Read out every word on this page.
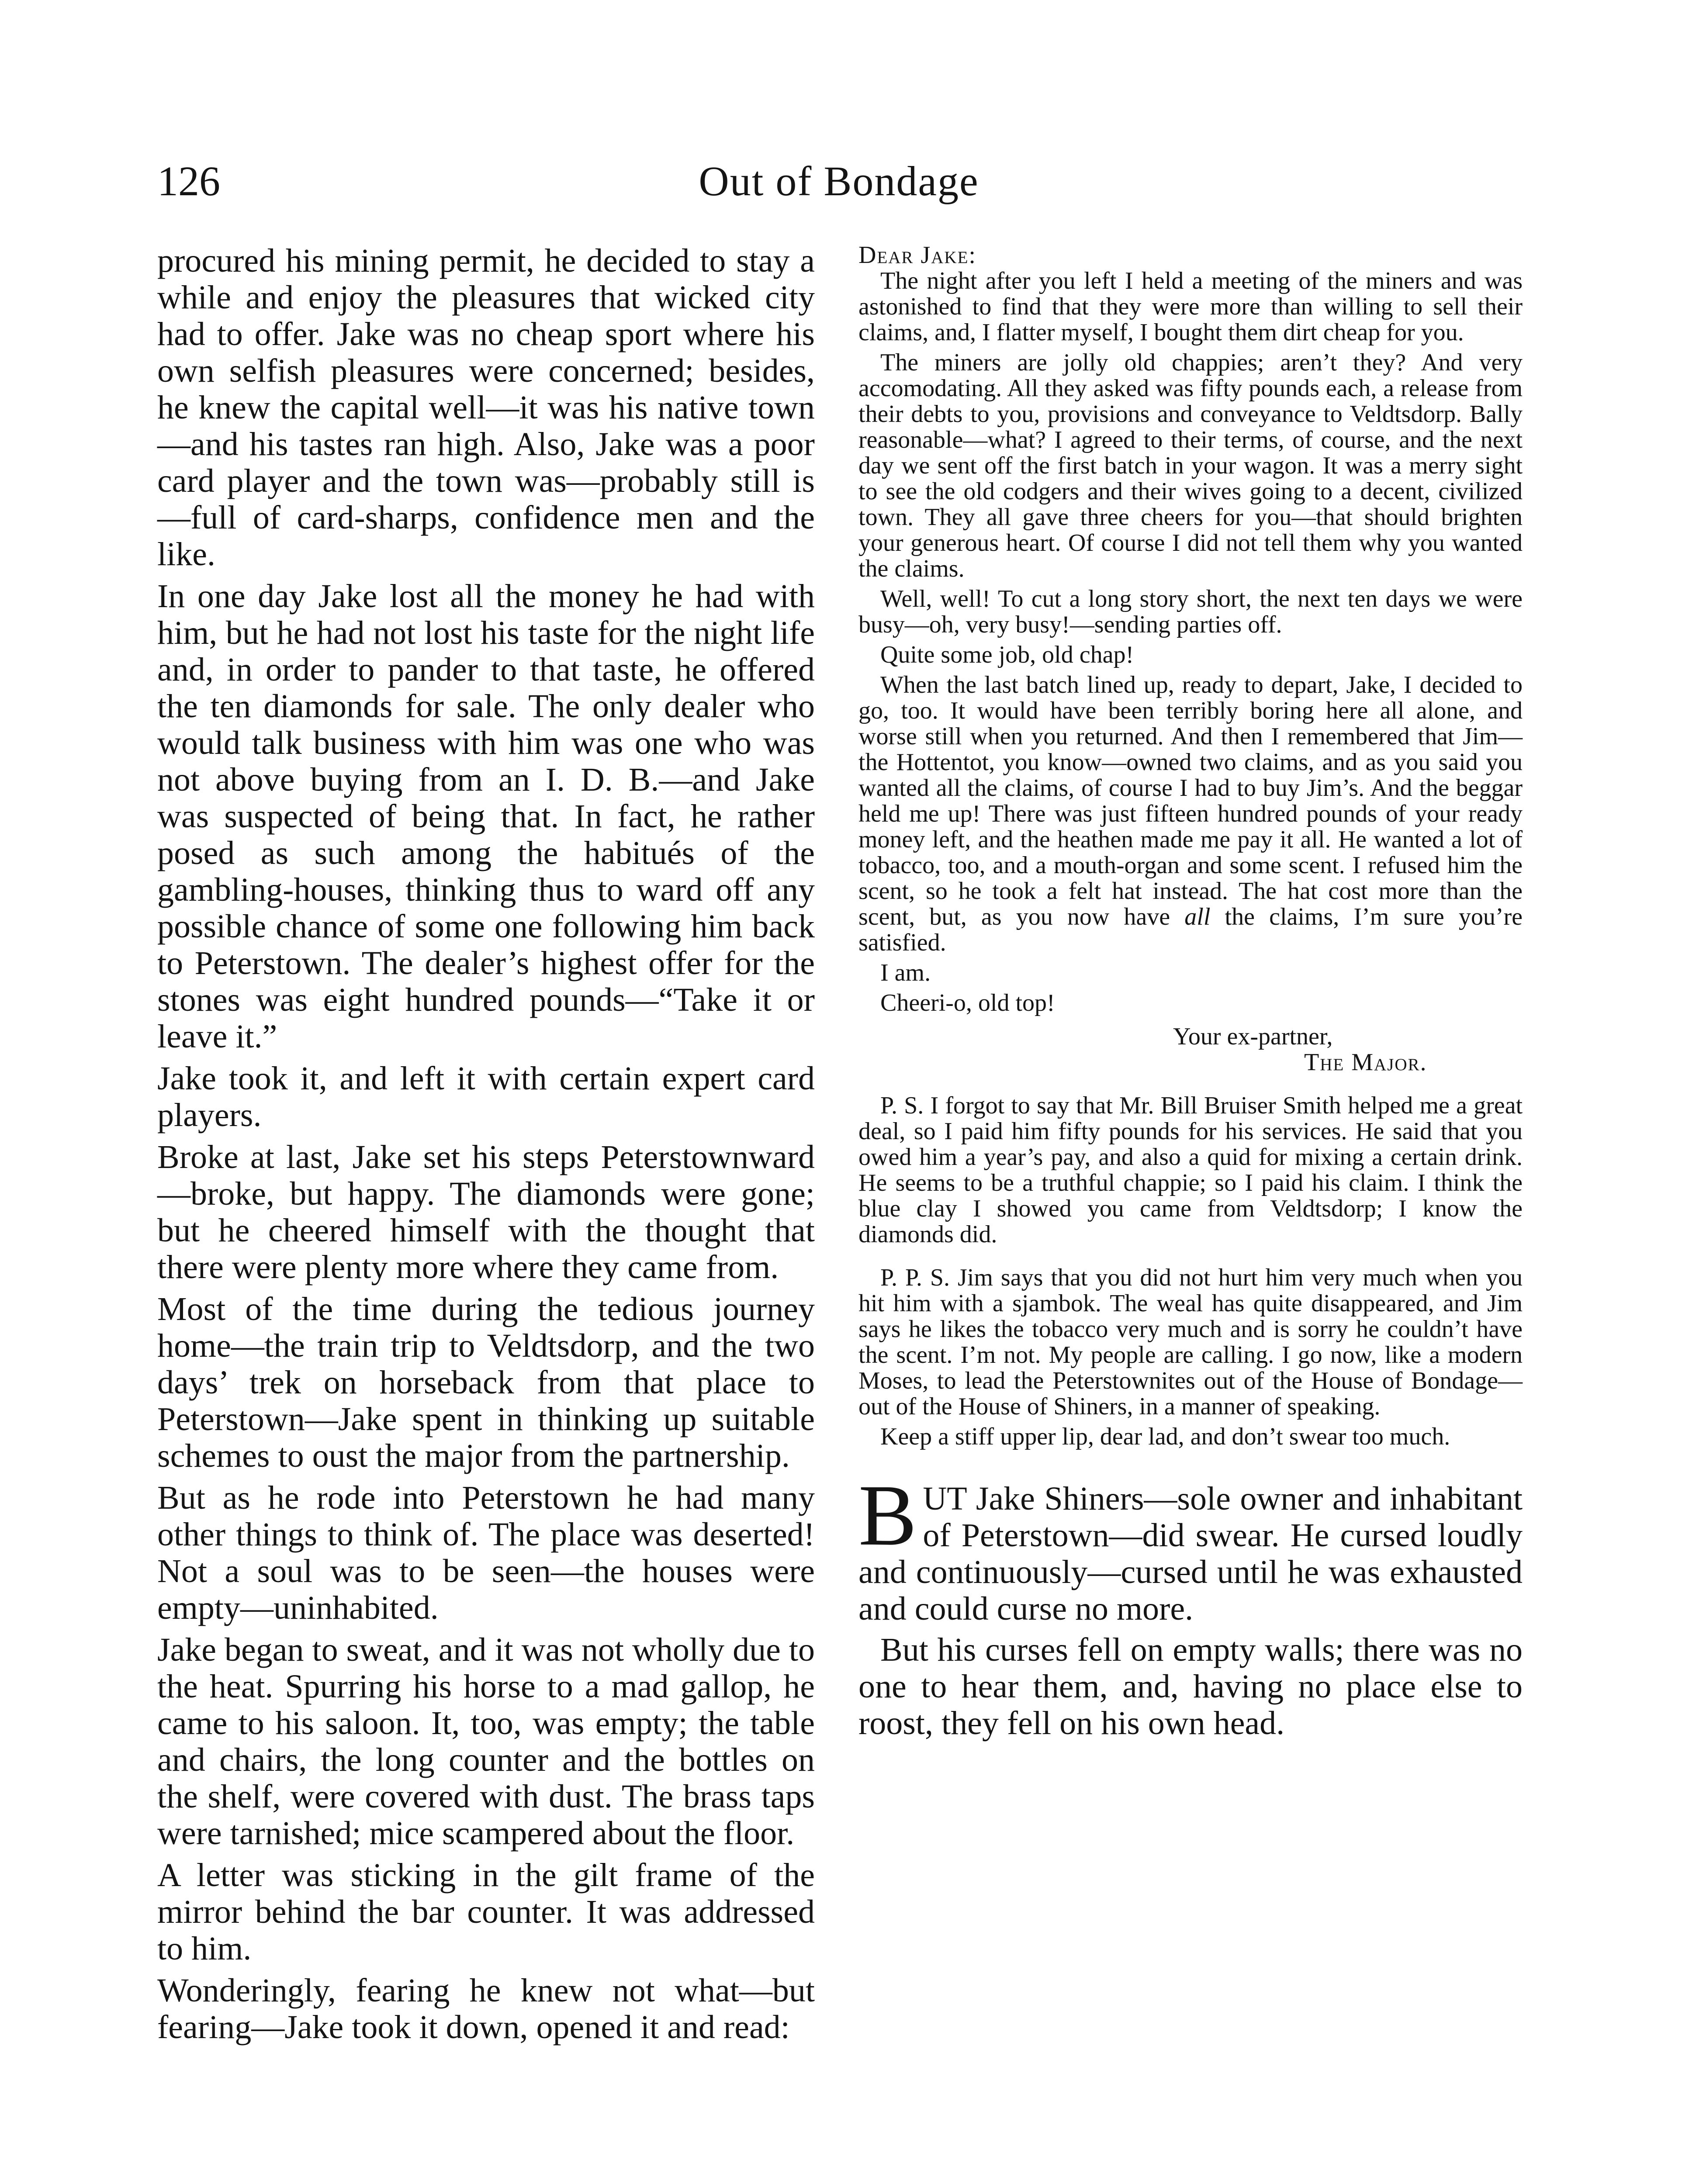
126	Out of Bondage

procured his mining permit, he decided to stay a while and enjoy the pleasures that wicked city had to offer. Jake was no cheap sport where his own selfish pleasures were concerned; besides, he knew the capital well—it was his native town—and his tastes ran high. Also, Jake was a poor card player and the town was—probably still is—full of card-sharps, confidence men and the like.

In one day Jake lost all the money he had with him, but he had not lost his taste for the night life and, in order to pander to that taste, he offered the ten diamonds for sale. The only dealer who would talk business with him was one who was not above buying from an I. D. B.—and Jake was suspected of being that. In fact, he rather posed as such among the habitués of the gambling-houses, thinking thus to ward off any possible chance of some one following him back to Peterstown. The dealer’s highest offer for the stones was eight hundred pounds—“Take it or leave it.”

Jake took it, and left it with certain expert card players.

Broke at last, Jake set his steps Peterstownward—broke, but happy. The diamonds were gone; but he cheered himself with the thought that there were plenty more where they came from.

Most of the time during the tedious journey home—the train trip to Veldtsdorp, and the two days’ trek on horseback from that place to Peterstown—Jake spent in thinking up suitable schemes to oust the major from the partnership.

But as he rode into Peterstown he had many other things to think of. The place was deserted! Not a soul was to be seen—the houses were empty—uninhabited.

Jake began to sweat, and it was not wholly due to the heat. Spurring his horse to a mad gallop, he came to his saloon. It, too, was empty; the table and chairs, the long counter and the bottles on the shelf, were covered with dust. The brass taps were tarnished; mice scampered about the floor.

A letter was sticking in the gilt frame of the mirror behind the bar counter. It was addressed to him.

Wonderingly, fearing he knew not what—but fearing—Jake took it down, opened it and read:

Dear Jake:

The night after you left I held a meeting of the miners and was astonished to find that they were more than willing to sell their claims, and, I flatter myself, I bought them dirt cheap for you.

The miners are jolly old chappies; aren’t they? And very accomodating. All they asked was fifty pounds each, a release from their debts to you, provisions and conveyance to Veldtsdorp. Bally reasonable—what? I agreed to their terms, of course, and the next day we sent off the first batch in your wagon. It was a merry sight to see the old codgers and their wives going to a decent, civilized town. They all gave three cheers for you—that should brighten your generous heart. Of course I did not tell them why you wanted the claims.

Well, well! To cut a long story short, the next ten days we were busy—oh, very busy!—sending parties off.

Quite some job, old chap!

When the last batch lined up, ready to depart, Jake, I decided to go, too. It would have been terribly boring here all alone, and worse still when you returned. And then I remembered that Jim—the Hottentot, you know—owned two claims, and as you said you wanted all the claims, of course I had to buy Jim’s. And the beggar held me up! There was just fifteen hundred pounds of your ready money left, and the heathen made me pay it all. He wanted a lot of tobacco, too, and a mouth-organ and some scent. I refused him the scent, so he took a felt hat instead. The hat cost more than the scent, but, as you now have all the claims, I’m sure you’re satisfied.

I am.

Cheeri-o, old top!

Your ex-partner,

The Major.

P. S. I forgot to say that Mr. Bill Bruiser Smith helped me a great deal, so I paid him fifty pounds for his services. He said that you owed him a year’s pay, and also a quid for mixing a certain drink. He seems to be a truthful chappie; so I paid his claim. I think the blue clay I showed you came from Veldtsdorp; I know the diamonds did.

P. P. S. Jim says that you did not hurt him very much when you hit him with a sjambok. The weal has quite disappeared, and Jim says he likes the tobacco very much and is sorry he couldn’t have the scent. I’m not. My people are calling. I go now, like a modern Moses, to lead the Peterstownites out of the House of Bondage—out of the House of Shiners, in a manner of speaking.

Keep a stiff upper lip, dear lad, and don’t swear too much.

BUT Jake Shiners—sole owner and inhabitant of Peterstown—did swear. He cursed loudly and continuously—cursed until he was exhausted and could curse no more.

But his curses fell on empty walls; there was no one to hear them, and, having no place else to roost, they fell on his own head.
